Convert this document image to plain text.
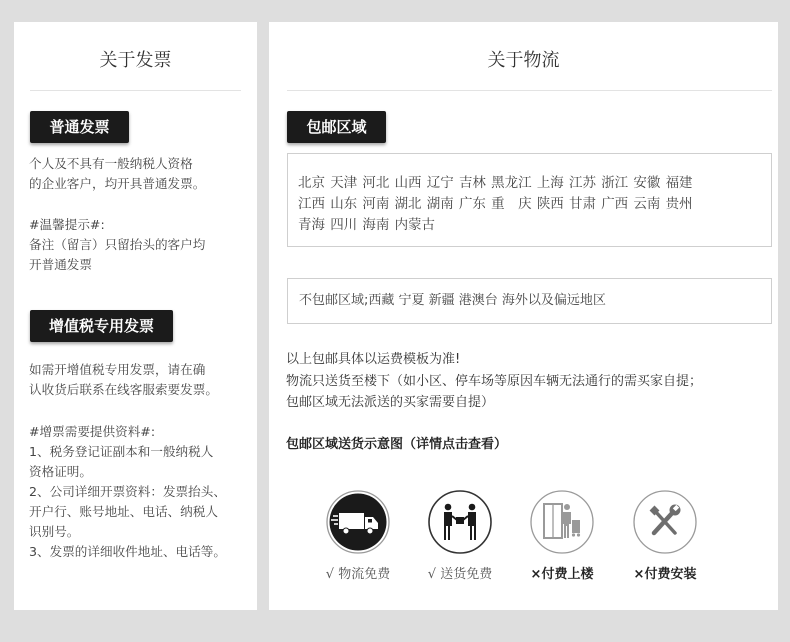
关于发票
普通发票
个人及不具有一般纳税人资格
的企业客户，均开具普通发票。
#温馨提示#:
备注（留言）只留抬头的客户均
开普通发票
增值税专用发票
如需开增值税专用发票，请在确
认收货后联系在线客服索要发票。
#增票需要提供资料#:
1、税务登记证副本和一般纳税人
资格证明。
2、公司详细开票资料：发票抬头、
开户行、账号地址、电话、纳税人
识别号。
3、发票的详细收件地址、电话等。
关于物流
包邮区域
北京 天津 河北 山西 辽宁 吉林 黑龙江 上海 江苏 浙江 安徽 福建
江西 山东 河南 湖北 湖南 广东 重　庆 陕西 甘肃 广西 云南 贵州
青海 四川 海南 内蒙古
不包邮区域;西藏 宁夏 新疆 港澳台 海外以及偏远地区
以上包邮具体以运费模板为准!
物流只送货至楼下（如小区、停车场等原因车辆无法通行的需买家自提；
包邮区域无法派送的买家需要自提）
包邮区域送货示意图（详情点击查看）
√ 物流免费	√ 送货免费	×付费上楼	×付费安装
